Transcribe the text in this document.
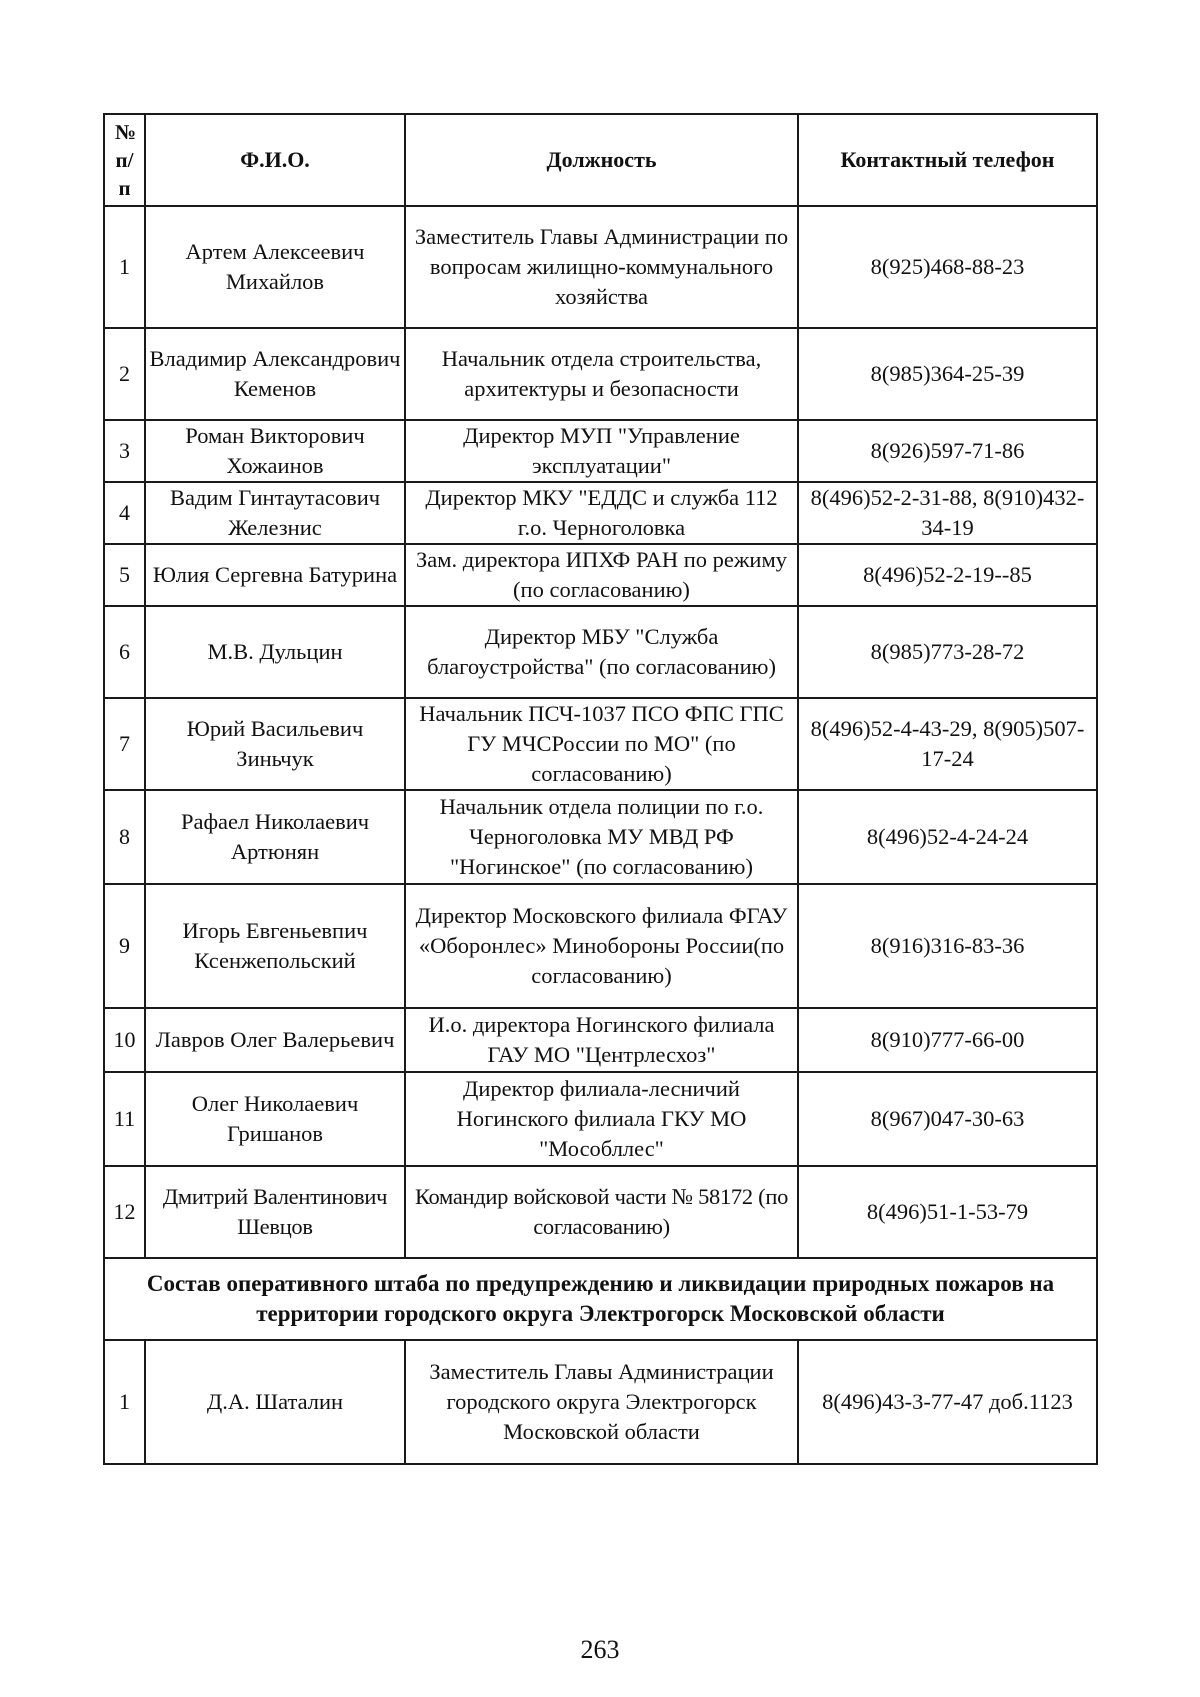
№ п/ п	Ф.И.О.	Должность	Контактный телефон
1	Артем Алексеевич Михайлов	Заместитель Главы Администрации по вопросам жилищно-коммунального хозяйства	8(925)468-88-23
2	Владимир Александрович Кеменов	Начальник отдела строительства, архитектуры и безопасности	8(985)364-25-39
3	Роман Викторович Хожаинов	Директор МУП "Управление эксплуатации"	8(926)597-71-86
4	Вадим Гинтаутасович Железнис	Директор МКУ "ЕДДС и служба 112 г.о. Черноголовка	8(496)52-2-31-88, 8(910)432-34-19
5	Юлия Сергевна Батурина	Зам. директора ИПХФ РАН по режиму (по согласованию)	8(496)52-2-19--85
6	М.В. Дульцин	Директор МБУ "Служба благоустройства" (по согласованию)	8(985)773-28-72
7	Юрий Васильевич Зиньчук	Начальник ПСЧ-1037 ПСО ФПС ГПС ГУ МЧСРоссии по МО" (по согласованию)	8(496)52-4-43-29, 8(905)507-17-24
8	Рафаел Николаевич Артюнян	Начальник отдела полиции по г.о. Черноголовка МУ МВД РФ "Ногинское" (по согласованию)	8(496)52-4-24-24
9	Игорь Евгеньевпич Ксенжепольский	Директор Московского филиала ФГАУ «Оборонлес» Минобороны России(по согласованию)	8(916)316-83-36
10	Лавров Олег Валерьевич	И.о. директора Ногинского филиала ГАУ МО "Центрлесхоз"	8(910)777-66-00
11	Олег Николаевич Гришанов	Директор филиала-лесничий Ногинского филиала ГКУ МО "Мособллес"	8(967)047-30-63
12	Дмитрий Валентинович Шевцов	Командир войсковой части № 58172 (по согласованию)	8(496)51-1-53-79
Состав оперативного штаба по предупреждению и ликвидации природных пожаров на территории городского округа Электрогорск Московской области			
1	Д.А. Шаталин	Заместитель Главы Администрации городского округа Электрогорск Московской области	8(496)43-3-77-47 доб.1123
263
